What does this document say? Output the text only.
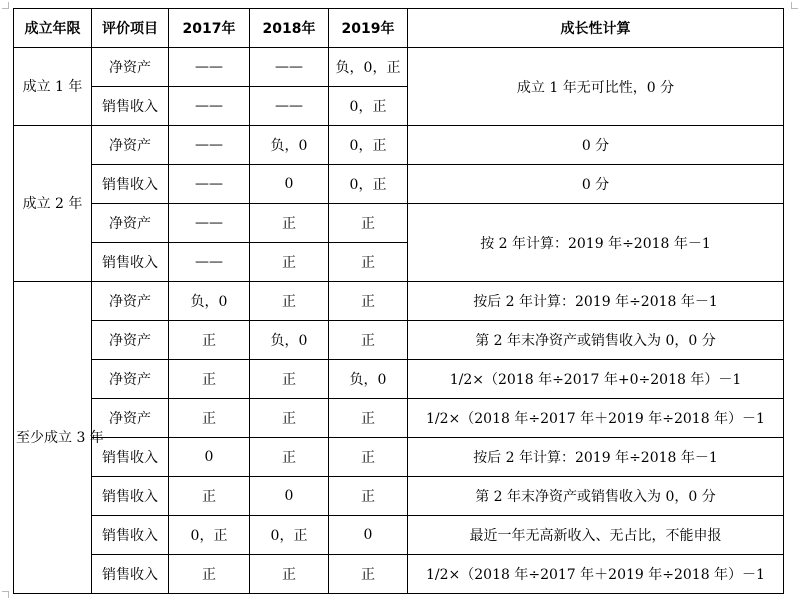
成立年限	评价项目	2017年	2018年	2019年	成长性计算
成立 1 年	净资产	——	——	负，0，正	成立 1 年无可比性，0 分
	销售收入	——	——	0，正	
成立 2 年	净资产	——	负，0	0，正	0 分
	销售收入	——	0	0，正	0 分
	净资产	——	正	正	按 2 年计算：2019 年÷2018 年－1
	销售收入	——	正	正	
至少成立 3 年	净资产	负，0	正	正	按后 2 年计算：2019 年÷2018 年－1
	净资产	正	负，0	正	第 2 年末净资产或销售收入为 0，0 分
	净资产	正	正	负，0	1/2×（2018 年÷2017 年+0÷2018 年）－1
	净资产	正	正	正	1/2×（2018 年÷2017 年＋2019 年÷2018 年）－1
	销售收入	0	正	正	按后 2 年计算：2019 年÷2018 年－1
	销售收入	正	0	正	第 2 年末净资产或销售收入为 0，0 分
	销售收入	0，正	0，正	0	最近一年无高新收入、无占比，不能申报
	销售收入	正	正	正	1/2×（2018 年÷2017 年＋2019 年÷2018 年）－1
